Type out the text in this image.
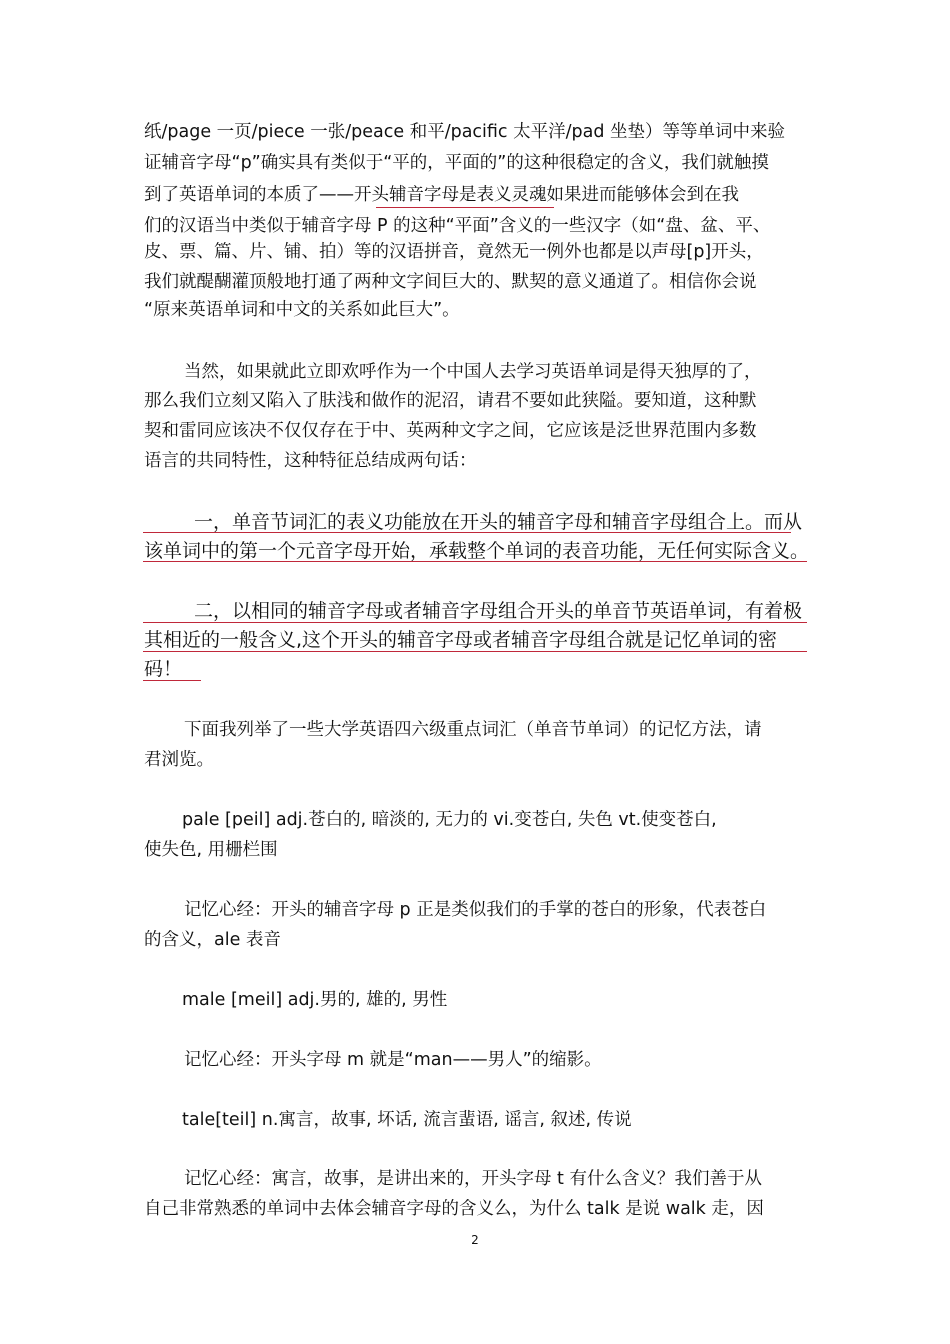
纸/page 一页/piece 一张/peace 和平/pacific 太平洋/pad 坐垫）等等单词中来验
证辅音字母“p”确实具有类似于“平的，平面的”的这种很稳定的含义，我们就触摸
到了英语单词的本质了——开头辅音字母是表义灵魂如果进而能够体会到在我
们的汉语当中类似于辅音字母 P 的这种“平面”含义的一些汉字（如“盘、盆、平、
皮、票、篇、片、铺、拍）等的汉语拼音，竟然无一例外也都是以声母[p]开头，
我们就醍醐灌顶般地打通了两种文字间巨大的、默契的意义通道了。相信你会说
“原来英语单词和中文的关系如此巨大”。
当然，如果就此立即欢呼作为一个中国人去学习英语单词是得天独厚的了，
那么我们立刻又陷入了肤浅和做作的泥沼，请君不要如此狭隘。要知道，这种默
契和雷同应该决不仅仅存在于中、英两种文字之间，它应该是泛世界范围内多数
语言的共同特性，这种特征总结成两句话：
一，单音节词汇的表义功能放在开头的辅音字母和辅音字母组合上。而从
该单词中的第一个元音字母开始，承载整个单词的表音功能，无任何实际含义。
二，以相同的辅音字母或者辅音字母组合开头的单音节英语单词，有着极
其相近的一般含义,这个开头的辅音字母或者辅音字母组合就是记忆单词的密
码！
下面我列举了一些大学英语四六级重点词汇（单音节单词）的记忆方法，请
君浏览。
pale [peil] adj.苍白的, 暗淡的, 无力的 vi.变苍白, 失色 vt.使变苍白,
使失色, 用栅栏围
记忆心经：开头的辅音字母 p 正是类似我们的手掌的苍白的形象，代表苍白
的含义，ale 表音
male [meil] adj.男的, 雄的, 男性
记忆心经：开头字母 m 就是“man——男人”的缩影。
tale[teil] n.寓言，故事, 坏话, 流言蜚语, 谣言, 叙述, 传说
记忆心经：寓言，故事，是讲出来的，开头字母 t 有什么含义？我们善于从
自己非常熟悉的单词中去体会辅音字母的含义么，为什么 talk 是说 walk 走，因
2
